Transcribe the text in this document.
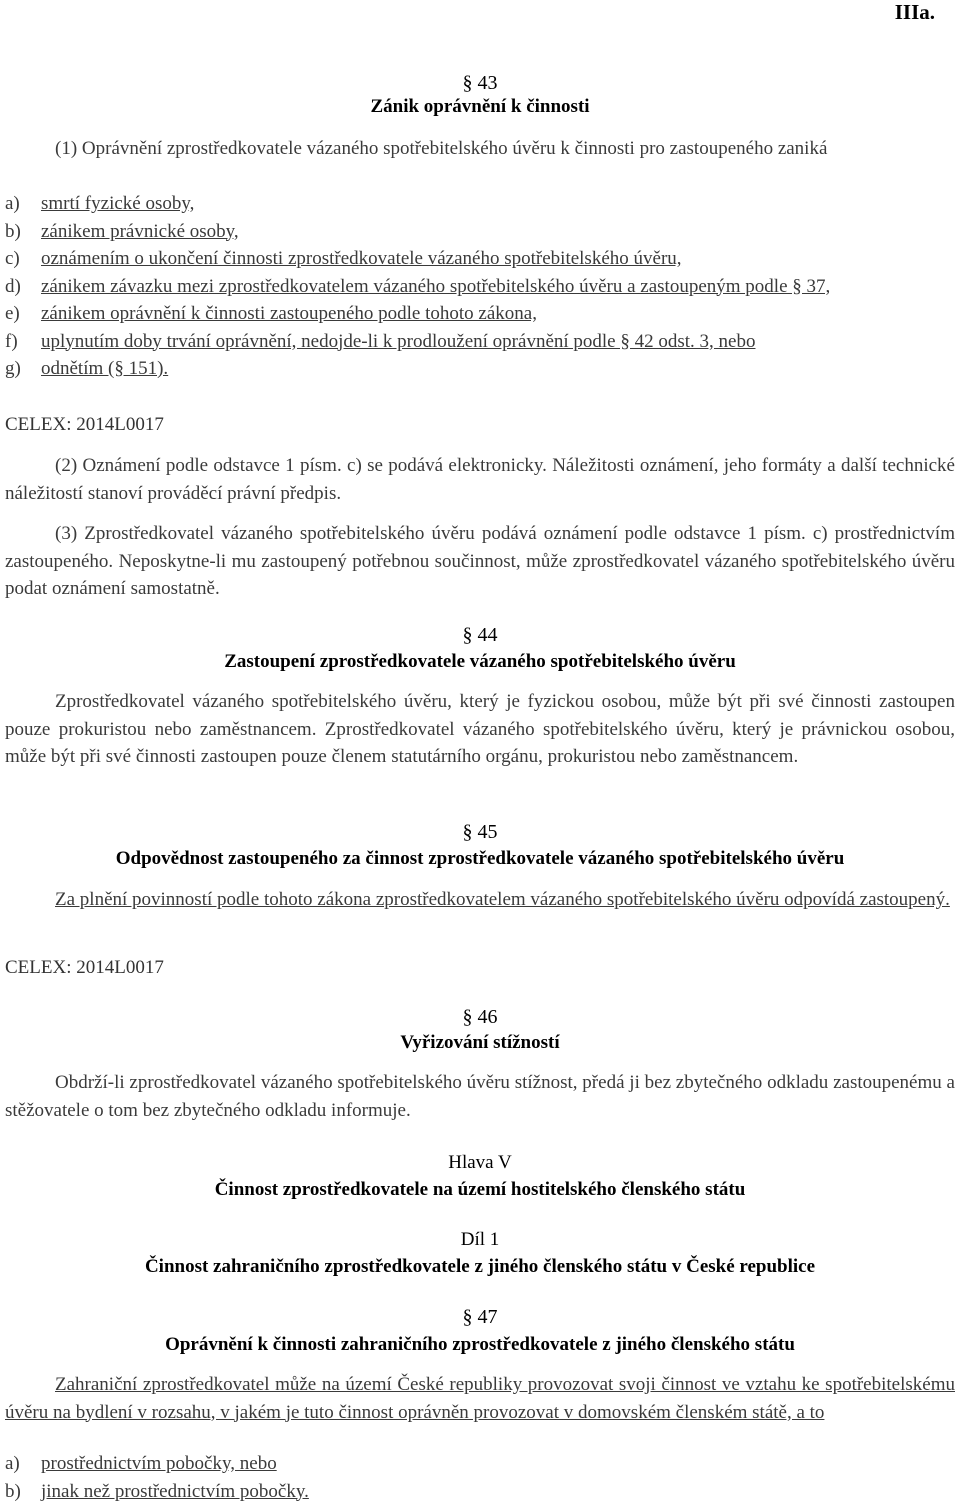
IIIa.

§ 43

Zánik oprávnění k činnosti

(1) Oprávnění zprostředkovatele vázaného spotřebitelského úvěru k činnosti pro zastoupeného zaniká

a) smrtí fyzické osoby,
b) zánikem právnické osoby,
c) oznámením o ukončení činnosti zprostředkovatele vázaného spotřebitelského úvěru,
d) zánikem závazku mezi zprostředkovatelem vázaného spotřebitelského úvěru a zastoupeným podle § 37,
e) zánikem oprávnění k činnosti zastoupeného podle tohoto zákona,
f) uplynutím doby trvání oprávnění, nedojde-li k prodloužení oprávnění podle § 42 odst. 3, nebo
g) odnětím (§ 151).

CELEX: 2014L0017

(2) Oznámení podle odstavce 1 písm. c) se podává elektronicky. Náležitosti oznámení, jeho formáty a další technické náležitostí stanoví prováděcí právní předpis.

(3) Zprostředkovatel vázaného spotřebitelského úvěru podává oznámení podle odstavce 1 písm. c) prostřednictvím zastoupeného. Neposkytne-li mu zastoupený potřebnou součinnost, může zprostředkovatel vázaného spotřebitelského úvěru podat oznámení samostatně.

§ 44

Zastoupení zprostředkovatele vázaného spotřebitelského úvěru

Zprostředkovatel vázaného spotřebitelského úvěru, který je fyzickou osobou, může být při své činnosti zastoupen pouze prokuristou nebo zaměstnancem. Zprostředkovatel vázaného spotřebitelského úvěru, který je právnickou osobou, může být při své činnosti zastoupen pouze členem statutárního orgánu, prokuristou nebo zaměstnancem.

§ 45

Odpovědnost zastoupeného za činnost zprostředkovatele vázaného spotřebitelského úvěru

Za plnění povinností podle tohoto zákona zprostředkovatelem vázaného spotřebitelského úvěru odpovídá zastoupený.

CELEX: 2014L0017

§ 46

Vyřizování stížností

Obdrží-li zprostředkovatel vázaného spotřebitelského úvěru stížnost, předá ji bez zbytečného odkladu zastoupenému a stěžovatele o tom bez zbytečného odkladu informuje.

Hlava V

Činnost zprostředkovatele na území hostitelského členského státu

Díl 1

Činnost zahraničního zprostředkovatele z jiného členského státu v České republice

§ 47

Oprávnění k činnosti zahraničního zprostředkovatele z jiného členského státu

Zahraniční zprostředkovatel může na území České republiky provozovat svoji činnost ve vztahu ke spotřebitelskému úvěru na bydlení v rozsahu, v jakém je tuto činnost oprávněn provozovat v domovském členském státě, a to

a) prostřednictvím pobočky, nebo
b) jinak než prostřednictvím pobočky.
